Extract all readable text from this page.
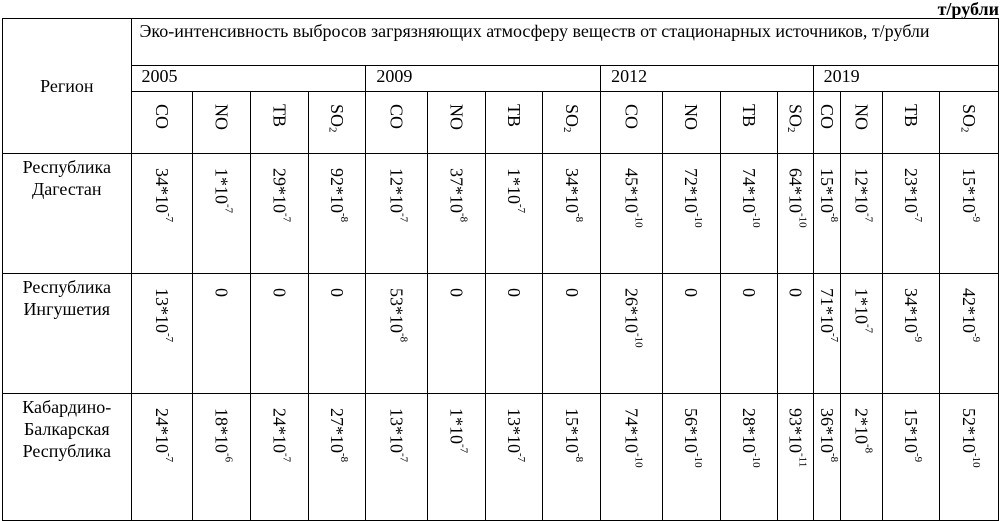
т/рубли
Регион	Эко-интенсивность выбросов загрязняющих атмосферу веществ от стационарных источников, т/рубли															
	2005				2009				2012				2019			
	CO	NO	TB	$SO_2$	CO	NO	TB	$SO_2$	CO	NO	TB	$SO_2$	CO	NO	TB	$SO_2$
Республика Дагестан	$34*10^{-7}$	$1*10^{-7}$	$29*10^{-7}$	$92*10^{-8}$	$12*10^{-7}$	$37*10^{-8}$	$1*10^{-7}$	$34*10^{-8}$	$45*10^{-10}$	$72*10^{-10}$	$74*10^{-10}$	$64*10^{-10}$	$15*10^{-8}$	$12*10^{-7}$	$23*10^{-7}$	$15*10^{-9}$
Республика Ингушетия	$13*10^{-7}$	0	0	0	$53*10^{-8}$	0	0	0	$26*10^{-10}$	0	0	0	$71*10^{-7}$	$1*10^{-7}$	$34*10^{-9}$	$42*10^{-9}$
Кабардино-Балкарская Республика	$24*10^{-7}$	$18*10^{-6}$	$24*10^{-7}$	$27*10^{-8}$	$13*10^{-7}$	$1*10^{-7}$	$13*10^{-7}$	$15*10^{-8}$	$74*10^{-10}$	$56*10^{-10}$	$28*10^{-10}$	$93*10^{-11}$	$36*10^{-8}$	$2*10^{-8}$	$15*10^{-9}$	$52*10^{-10}$
